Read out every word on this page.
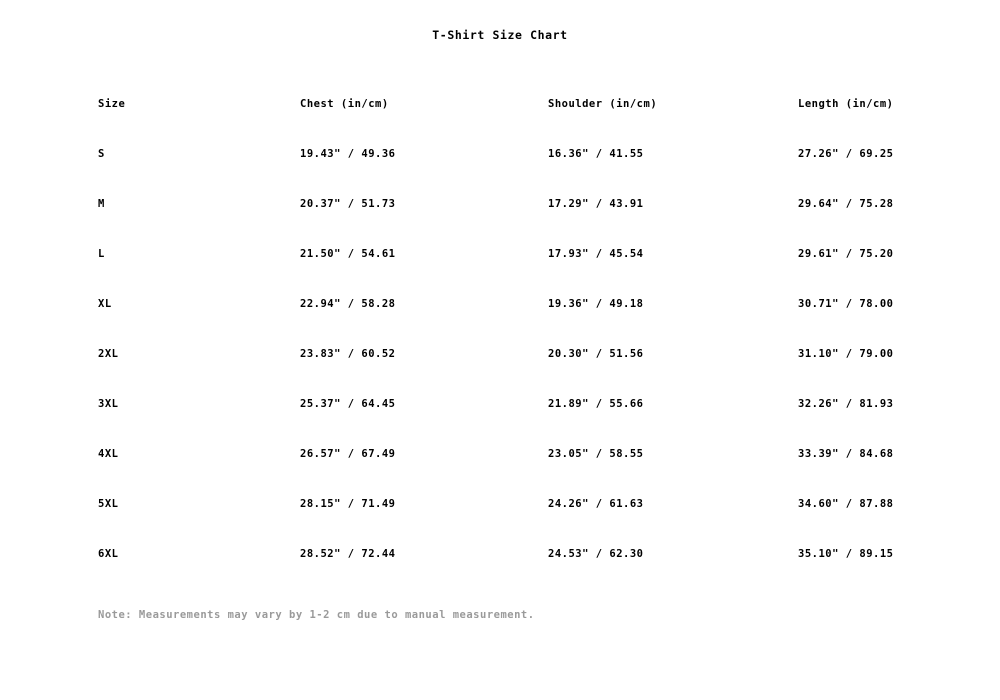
T-Shirt Size Chart
Size	Chest (in/cm)	Shoulder (in/cm)	Length (in/cm)
S	19.43" / 49.36	16.36" / 41.55	27.26" / 69.25
M	20.37" / 51.73	17.29" / 43.91	29.64" / 75.28
L	21.50" / 54.61	17.93" / 45.54	29.61" / 75.20
XL	22.94" / 58.28	19.36" / 49.18	30.71" / 78.00
2XL	23.83" / 60.52	20.30" / 51.56	31.10" / 79.00
3XL	25.37" / 64.45	21.89" / 55.66	32.26" / 81.93
4XL	26.57" / 67.49	23.05" / 58.55	33.39" / 84.68
5XL	28.15" / 71.49	24.26" / 61.63	34.60" / 87.88
6XL	28.52" / 72.44	24.53" / 62.30	35.10" / 89.15
Note: Measurements may vary by 1-2 cm due to manual measurement.
